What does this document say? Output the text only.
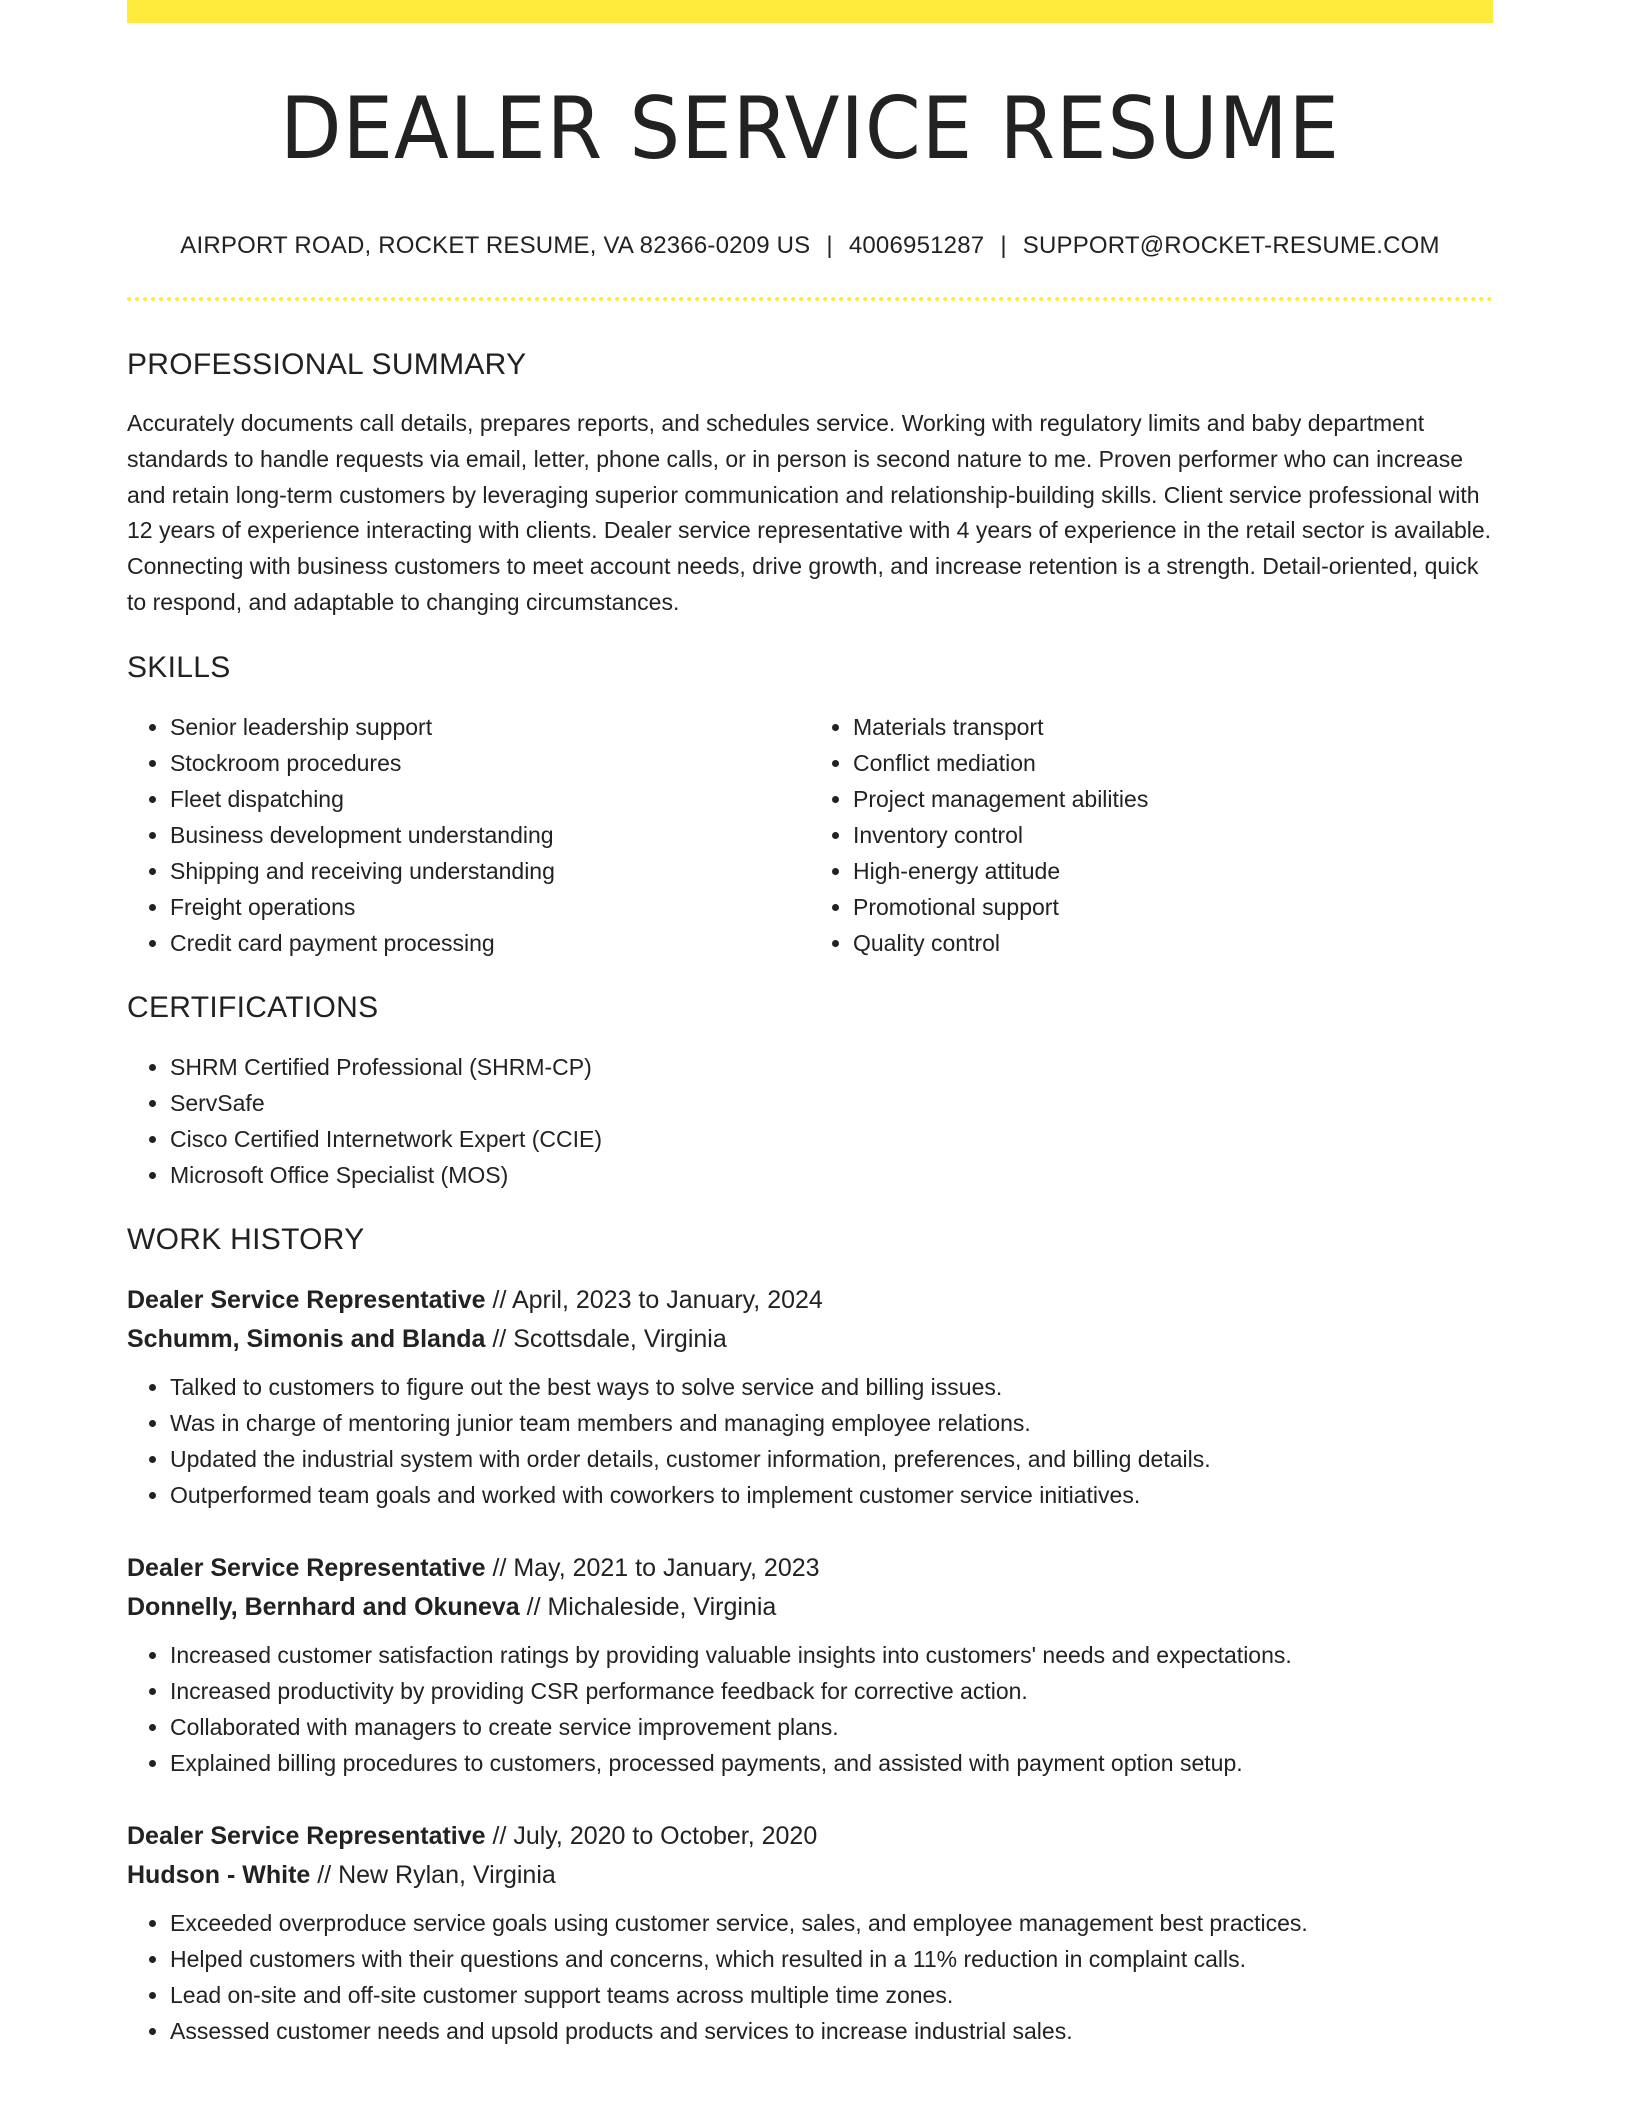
DEALER SERVICE RESUME
AIRPORT ROAD, ROCKET RESUME, VA 82366-0209 US | 4006951287 | SUPPORT@ROCKET-RESUME.COM
PROFESSIONAL SUMMARY
Accurately documents call details, prepares reports, and schedules service. Working with regulatory limits and baby department standards to handle requests via email, letter, phone calls, or in person is second nature to me. Proven performer who can increase and retain long-term customers by leveraging superior communication and relationship-building skills. Client service professional with 12 years of experience interacting with clients. Dealer service representative with 4 years of experience in the retail sector is available. Connecting with business customers to meet account needs, drive growth, and increase retention is a strength. Detail-oriented, quick to respond, and adaptable to changing circumstances.
SKILLS
• Senior leadership support
• Stockroom procedures
• Fleet dispatching
• Business development understanding
• Shipping and receiving understanding
• Freight operations
• Credit card payment processing
• Materials transport
• Conflict mediation
• Project management abilities
• Inventory control
• High-energy attitude
• Promotional support
• Quality control
CERTIFICATIONS
• SHRM Certified Professional (SHRM-CP)
• ServSafe
• Cisco Certified Internetwork Expert (CCIE)
• Microsoft Office Specialist (MOS)
WORK HISTORY
Dealer Service Representative // April, 2023 to January, 2024
Schumm, Simonis and Blanda // Scottsdale, Virginia
• Talked to customers to figure out the best ways to solve service and billing issues.
• Was in charge of mentoring junior team members and managing employee relations.
• Updated the industrial system with order details, customer information, preferences, and billing details.
• Outperformed team goals and worked with coworkers to implement customer service initiatives.
Dealer Service Representative // May, 2021 to January, 2023
Donnelly, Bernhard and Okuneva // Michaleside, Virginia
• Increased customer satisfaction ratings by providing valuable insights into customers' needs and expectations.
• Increased productivity by providing CSR performance feedback for corrective action.
• Collaborated with managers to create service improvement plans.
• Explained billing procedures to customers, processed payments, and assisted with payment option setup.
Dealer Service Representative // July, 2020 to October, 2020
Hudson - White // New Rylan, Virginia
• Exceeded overproduce service goals using customer service, sales, and employee management best practices.
• Helped customers with their questions and concerns, which resulted in a 11% reduction in complaint calls.
• Lead on-site and off-site customer support teams across multiple time zones.
• Assessed customer needs and upsold products and services to increase industrial sales.
